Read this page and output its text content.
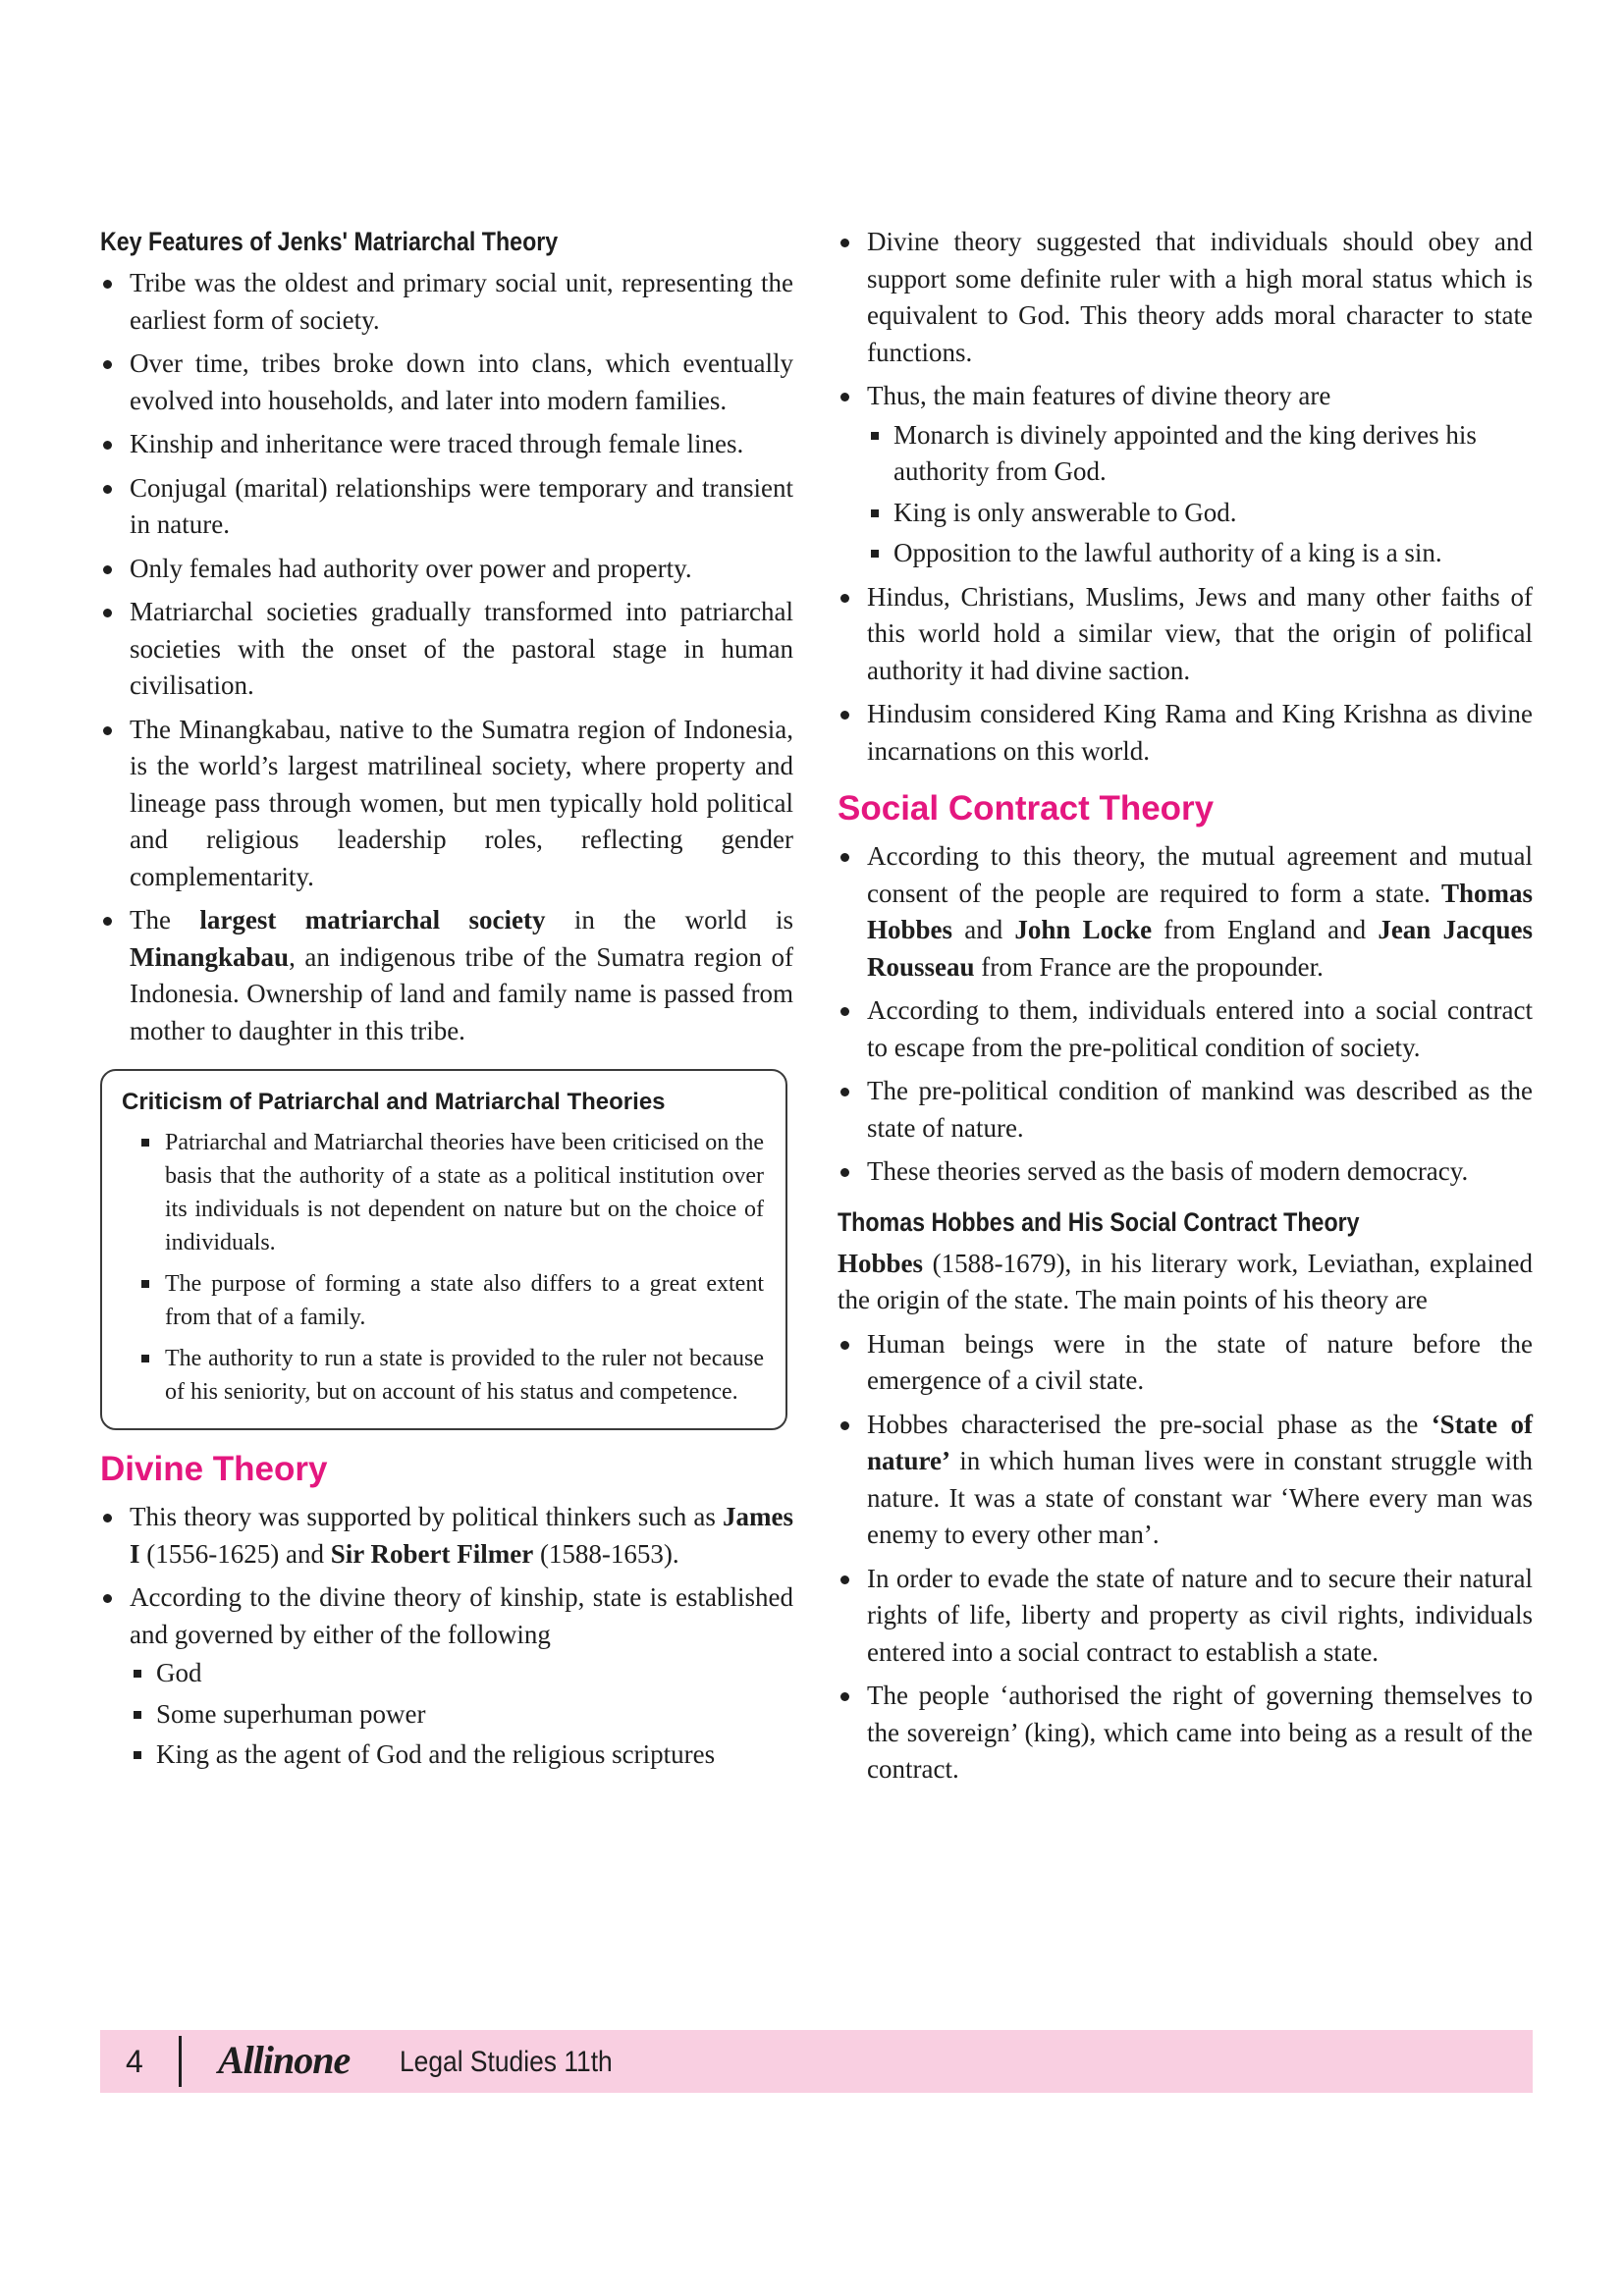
Key Features of Jenks' Matriarchal Theory
Tribe was the oldest and primary social unit, representing the earliest form of society.
Over time, tribes broke down into clans, which eventually evolved into households, and later into modern families.
Kinship and inheritance were traced through female lines.
Conjugal (marital) relationships were temporary and transient in nature.
Only females had authority over power and property.
Matriarchal societies gradually transformed into patriarchal societies with the onset of the pastoral stage in human civilisation.
The Minangkabau, native to the Sumatra region of Indonesia, is the world’s largest matrilineal society, where property and lineage pass through women, but men typically hold political and religious leadership roles, reflecting gender complementarity.
The largest matriarchal society in the world is Minangkabau, an indigenous tribe of the Sumatra region of Indonesia. Ownership of land and family name is passed from mother to daughter in this tribe.
Criticism of Patriarchal and Matriarchal Theories
Patriarchal and Matriarchal theories have been criticised on the basis that the authority of a state as a political institution over its individuals is not dependent on nature but on the choice of individuals.
The purpose of forming a state also differs to a great extent from that of a family.
The authority to run a state is provided to the ruler not because of his seniority, but on account of his status and competence.
Divine Theory
This theory was supported by political thinkers such as James I (1556-1625) and Sir Robert Filmer (1588-1653).
According to the divine theory of kinship, state is established and governed by either of the following
God
Some superhuman power
King as the agent of God and the religious scriptures
Divine theory suggested that individuals should obey and support some definite ruler with a high moral status which is equivalent to God. This theory adds moral character to state functions.
Thus, the main features of divine theory are
Monarch is divinely appointed and the king derives his authority from God.
King is only answerable to God.
Opposition to the lawful authority of a king is a sin.
Hindus, Christians, Muslims, Jews and many other faiths of this world hold a similar view, that the origin of polifical authority it had divine saction.
Hindusim considered King Rama and King Krishna as divine incarnations on this world.
Social Contract Theory
According to this theory, the mutual agreement and mutual consent of the people are required to form a state. Thomas Hobbes and John Locke from England and Jean Jacques Rousseau from France are the propounder.
According to them, individuals entered into a social contract to escape from the pre-political condition of society.
The pre-political condition of mankind was described as the state of nature.
These theories served as the basis of modern democracy.
Thomas Hobbes and His Social Contract Theory

Hobbes (1588-1679), in his literary work, Leviathan, explained the origin of the state. The main points of his theory are

Human beings were in the state of nature before the emergence of a civil state.
Hobbes characterised the pre-social phase as the ‘State of nature’ in which human lives were in constant struggle with nature. It was a state of constant war ‘Where every man was enemy to every other man’.
In order to evade the state of nature and to secure their natural rights of life, liberty and property as civil rights, individuals entered into a social contract to establish a state.
The people ‘authorised the right of governing themselves to the sovereign’ (king), which came into being as a result of the contract.
4 Allinone Legal Studies 11th
